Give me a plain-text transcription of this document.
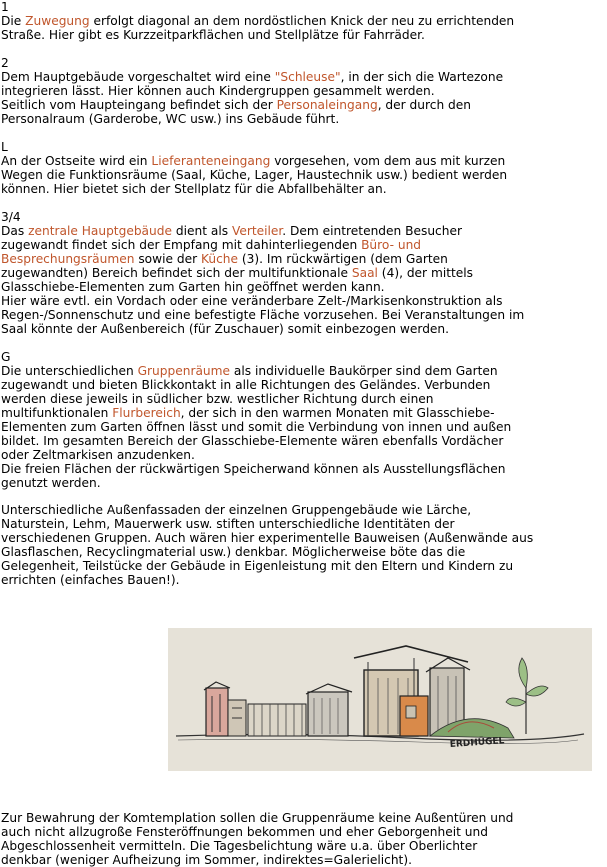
1
Die Zuwegung erfolgt diagonal an dem nordöstlichen Knick der neu zu errichtenden
Straße. Hier gibt es Kurzzeitparkflächen und Stellplätze für Fahrräder.
2
Dem Hauptgebäude vorgeschaltet wird eine "Schleuse", in der sich die Wartezone
integrieren lässt. Hier können auch Kindergruppen gesammelt werden.
Seitlich vom Haupteingang befindet sich der Personaleingang, der durch den
Personalraum (Garderobe, WC usw.) ins Gebäude führt.
L
An der Ostseite wird ein Lieferanteneingang vorgesehen, vom dem aus mit kurzen
Wegen die Funktionsräume (Saal, Küche, Lager, Haustechnik usw.) bedient werden
können. Hier bietet sich der Stellplatz für die Abfallbehälter an.
3/4
Das zentrale Hauptgebäude dient als Verteiler. Dem eintretenden Besucher
zugewandt findet sich der Empfang mit dahinterliegenden Büro- und
Besprechungsräumen sowie der Küche (3). Im rückwärtigen (dem Garten
zugewandten) Bereich befindet sich der multifunktionale Saal (4), der mittels
Glasschiebe-Elementen zum Garten hin geöffnet werden kann.
Hier wäre evtl. ein Vordach oder eine veränderbare Zelt-/Markisenkonstruktion als
Regen-/Sonnenschutz und eine befestigte Fläche vorzusehen. Bei Veranstaltungen im
Saal könnte der Außenbereich (für Zuschauer) somit einbezogen werden.
G
Die unterschiedlichen Gruppenräume als individuelle Baukörper sind dem Garten
zugewandt und bieten Blickkontakt in alle Richtungen des Geländes. Verbunden
werden diese jeweils in südlicher bzw. westlicher Richtung durch einen
multifunktionalen Flurbereich, der sich in den warmen Monaten mit Glasschiebe-
Elementen zum Garten öffnen lässt und somit die Verbindung von innen und außen
bildet. Im gesamten Bereich der Glasschiebe-Elemente wären ebenfalls Vordächer
oder Zeltmarkisen anzudenken.
Die freien Flächen der rückwärtigen Speicherwand können als Ausstellungsflächen
genutzt werden.
Unterschiedliche Außenfassaden der einzelnen Gruppengebäude wie Lärche,
Naturstein, Lehm, Mauerwerk usw. stiften unterschiedliche Identitäten der
verschiedenen Gruppen. Auch wären hier experimentelle Bauweisen (Außenwände aus
Glasflaschen, Recyclingmaterial usw.) denkbar. Möglicherweise böte das die
Gelegenheit, Teilstücke der Gebäude in Eigenleistung mit den Eltern und Kindern zu
errichten (einfaches Bauen!).
ERDHÜGEL
Zur Bewahrung der Komtemplation sollen die Gruppenräume keine Außentüren und
auch nicht allzugroße Fensteröffnungen bekommen und eher Geborgenheit und
Abgeschlossenheit vermitteln. Die Tagesbelichtung wäre u.a. über Oberlichter
denkbar (weniger Aufheizung im Sommer, indirektes=Galerielicht).
